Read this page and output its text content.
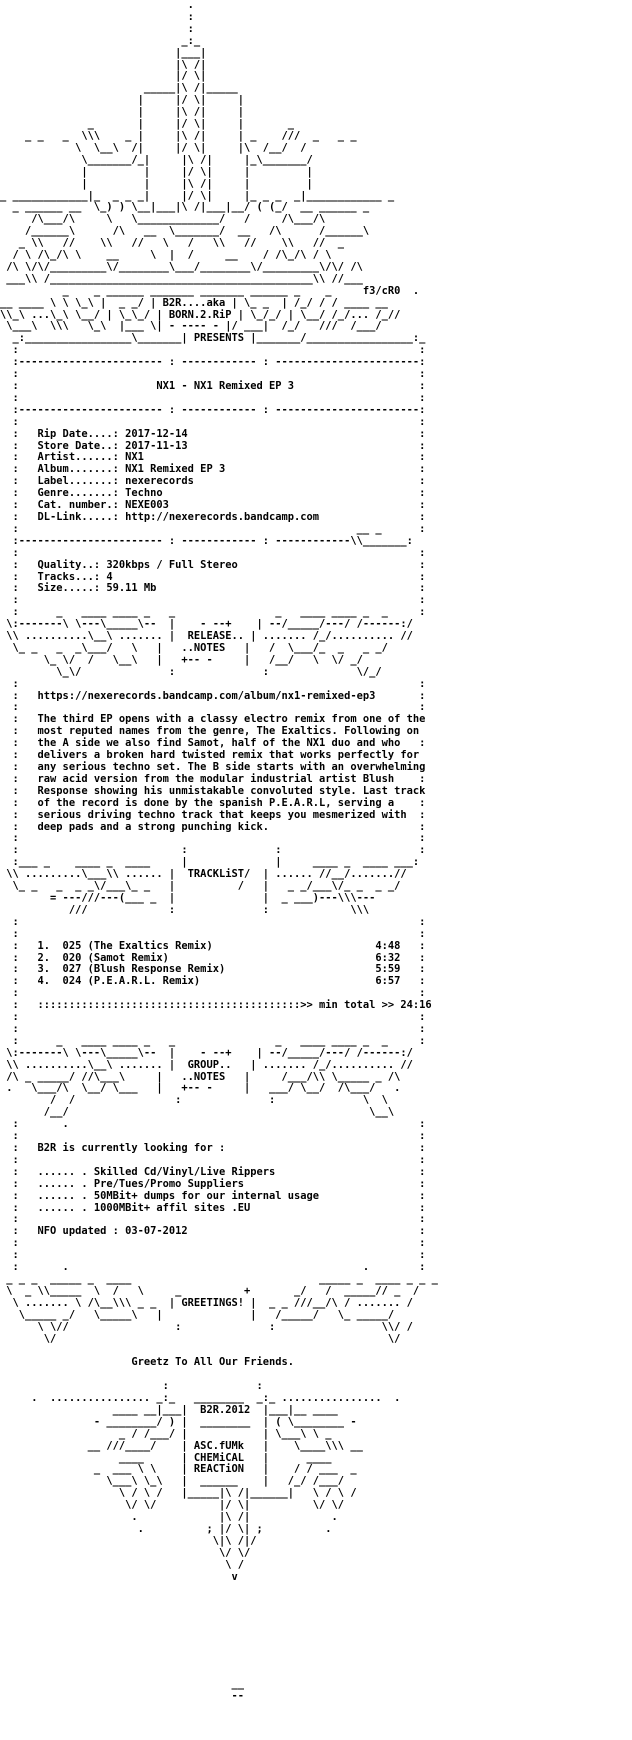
.
:
:
_:_
|___|
|\ /|
|/ \|
_____|\ /|_____
|     |/ \|     |
|     |\ /|     |
_       |     |/ \|     |       _
_ _   _  \\\    _ |     |\ /|     | _    ///  _   _ _
\  \__\  /|     |/ \|     |\  /__/  /
\_______/_|     |\ /|     |_\_______/
|         |     |/ \|     |         |
|         |     |\ /|     |         |
_ ____________|_  _ _ _|     |/ \|     |_ _ _  _|____________ _
_ ______ __  \_) ) \__|___|\ /|___|__/ ( (_/  __ ______ _
/\___/\     \   \_____________/   /     /\___/\
/______\      /\   __  \_______/  __   /\      /______\
_ \\   //    \\   //   \   /   \\   //    \\   //  _
/ \ /\_/\ \    __     \  |  /     __    / /\_/\ / \
/\ \/\/_________\/________\___/________\/_________\/\/ /\
___\\ /__________________________________________\\ //___
_    _ ______ _______ _______ ______ _    _     f3/cR0  .
__ ____ \ \ \_\ |  _ _/ | B2R....aka | \_ _  | /_/ / / ____ __
\\_\ ...\_\ \__/ | \_\_/ | BORN.2.RiP | \_/_/ | \__/ /_/... /_//
\___\  \\\   \_\  |___ \| - ---- - |/ ___|  /_/   ///  /___/
_:_________________\_______| PRESENTS |_______/_________________:_
:                                                                :
:----------------------- : ------------ : -----------------------:
:                                                                :
:                      NX1 - NX1 Remixed EP 3                    :
:                                                                :
:----------------------- : ------------ : -----------------------:
:                                                                :
:   Rip Date....: 2017-12-14                                     :
:   Store Date..: 2017-11-13                                     :
:   Artist......: NX1                                            :
:   Album.......: NX1 Remixed EP 3                               :
:   Label.......: nexerecords                                    :
:   Genre.......: Techno                                         :
:   Cat. number.: NEXE003                                        :
:   DL-Link.....: http://nexerecords.bandcamp.com                :
:                                                      __ _      :
:----------------------- : ------------ : ------------\\_______:
:                                                                :
:   Quality..: 320kbps / Full Stereo                             :
:   Tracks...: 4                                                 :
:   Size.....: 59.11 Mb                                          :
:                                                                :
:      _   ____ ____ _   _                _   ____ ____ _  _     :
\:-------\ \---\_____\--  |    - --+    | --/_____/---/ /------:/
\\ ..........\__\ ....... |  RELEASE.. | ....... /_/.......... //
\_ _   _  _\___/   \   |   ..NOTES   |   /  \___/_  _   _ _/
\_ \/  /   \__\   |   +-- -     |   /__/   \  \/ _/
\_\/              :              :              \/_/
:                                                                :
:   https://nexerecords.bandcamp.com/album/nx1-remixed-ep3       :
:                                                                :
:   The third EP opens with a classy electro remix from one of the
:   most reputed names from the genre, The Exaltics. Following on
:   the A side we also find Samot, half of the NX1 duo and who   :
:   delivers a broken hard twisted remix that works perfectly for
:   any serious techno set. The B side starts with an overwhelming
:   raw acid version from the modular industrial artist Blush    :
:   Response showing his unmistakable convoluted style. Last track
:   of the record is done by the spanish P.E.A.R.L, serving a    :
:   serious driving techno track that keeps you mesmerized with  :
:   deep pads and a strong punching kick.                        :
:                                                                :
:                          :              :                      :
:___ _    ____ _  ____     |              |     ____ _  ____ ___:
\\ .........\___\\ ...... |  TRACKLiST/  | ...... //__/.......//
\_ _   _  _ _\/___\_ _   |          /   |   _ _/___\/_ _  _ _/
= ---///---(___ _  |              |  _ ___)---\\\---
///             :              :             \\\
:                                                                :
:                                                                :
:   1.  025 (The Exaltics Remix)                          4:48   :
:   2.  020 (Samot Remix)                                 6:32   :
:   3.  027 (Blush Response Remix)                        5:59   :
:   4.  024 (P.E.A.R.L. Remix)                            6:57   :
:                                                                :
:   ::::::::::::::::::::::::::::::::::::::::::>> min total >> 24:16
:                                                                :
:                                                                :
:      _   ____ ____ _   _                _   ____ ____ _  _     :
\:-------\ \---\_____\--  |    - --+    | --/_____/---/ /------:/
\\ ..........\__\ ....... |  GROUP..   | ....... /_/.......... //
/\ _ _____/ //\___\     |   ..NOTES   |     /___/\\ \_____ _ /\
.   \___/\  \__/ \___   |   +-- -     |   ___/ \__/  /\___/   .
/  /                :              :              \  \
/__/                                                \__\
:       .                                                        :
:                                                                :
:   B2R is currently looking for :                               :
:                                                                :
:   ...... . Skilled Cd/Vinyl/Live Rippers                       :
:   ...... . Pre/Tues/Promo Suppliers                            :
:   ...... . 50MBit+ dumps for our internal usage                :
:   ...... . 1000MBit+ affil sites .EU                           :
:                                                                :
:   NFO updated : 03-07-2012                                     :
:                                                                :
:                                                                :
:       .                                               .        :
_ _ _  _____ _  ____                              _____ _  ____ _ _ _
\  _ \\_____  \  /   \     _          +       _/   /  _____// _  /
\ ....... \ /\__\\\ _ _  | GREETINGS! |  _ _ ///__/\ / ....... /
\_____ _/   \_____\   |              |   /_____/   \_ _____/
\ \//                 :              :                 \\/ /
\/                                                     \/

Greetz To All Our Friends.

:              :
.  ................ _:_   ________  _:_ ................  .
____ __|___|  B2R.2012  |___|__ ____
- ________/ ) |  ________  | ( \________ -
_ / /___/ |            | \___\ \ _
__ ///____/    | ASC.fUMk   |    \____\\\ __
____      | CHEMiCAL   |      ____
_  ___ \ \    | REACTiON   |    / / ___  _
\___\ \_\   |  ______    |   /_/ /___/
\ / \ /   |_____|\ /|______|   \ / \ /
\/ \/          |/ \|          \/ \/
.             |\ /|             .
.          ; |/ \| ;          .
\|\ /|/
\/ \/
\ /
v

__
--
